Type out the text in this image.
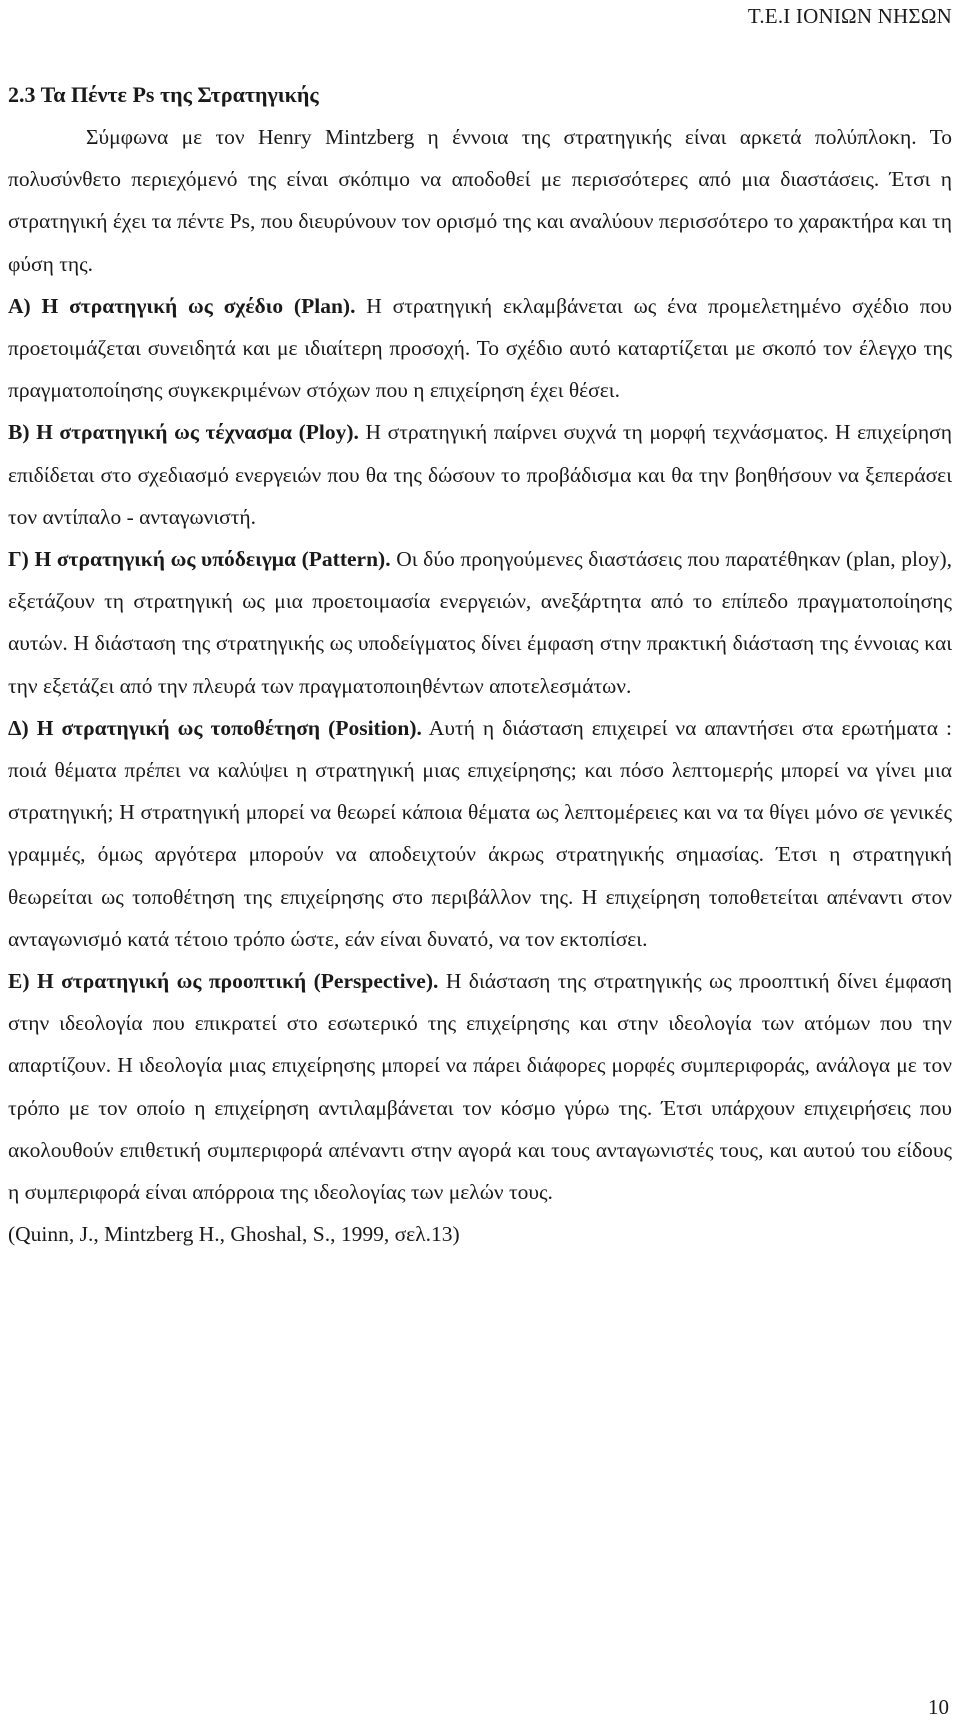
Τ.Ε.Ι ΙΟΝΙΩΝ ΝΗΣΩΝ
2.3 Τα Πέντε Ps της Στρατηγικής

Σύμφωνα με τον Henry Mintzberg η έννοια της στρατηγικής είναι αρκετά πολύπλοκη. Το πολυσύνθετο περιεχόμενό της είναι σκόπιμο να αποδοθεί με περισσότερες από μια διαστάσεις. Έτσι η στρατηγική έχει τα πέντε Ps, που διευρύνουν τον ορισμό της και αναλύουν περισσότερο το χαρακτήρα και τη φύση της.

Α) Η στρατηγική ως σχέδιο (Plan). Η στρατηγική εκλαμβάνεται ως ένα προμελετημένο σχέδιο που προετοιμάζεται συνειδητά και με ιδιαίτερη προσοχή. Το σχέδιο αυτό καταρτίζεται με σκοπό τον έλεγχο της πραγματοποίησης συγκεκριμένων στόχων που η επιχείρηση έχει θέσει.

Β) Η στρατηγική ως τέχνασμα (Ploy). Η στρατηγική παίρνει συχνά τη μορφή τεχνάσματος. Η επιχείρηση επιδίδεται στο σχεδιασμό ενεργειών που θα της δώσουν το προβάδισμα και θα την βοηθήσουν να ξεπεράσει τον αντίπαλο - ανταγωνιστή.

Γ) Η στρατηγική ως υπόδειγμα (Pattern). Οι δύο προηγούμενες διαστάσεις που παρατέθηκαν (plan, ploy), εξετάζουν τη στρατηγική ως μια προετοιμασία ενεργειών, ανεξάρτητα από το επίπεδο πραγματοποίησης αυτών. Η διάσταση της στρατηγικής ως υποδείγματος δίνει έμφαση στην πρακτική διάσταση της έννοιας και την εξετάζει από την πλευρά των πραγματοποιηθέντων αποτελεσμάτων.

Δ) Η στρατηγική ως τοποθέτηση (Position). Αυτή η διάσταση επιχειρεί να απαντήσει στα ερωτήματα : ποιά θέματα πρέπει να καλύψει η στρατηγική μιας επιχείρησης; και πόσο λεπτομερής μπορεί να γίνει μια στρατηγική; Η στρατηγική μπορεί να θεωρεί κάποια θέματα ως λεπτομέρειες και να τα θίγει μόνο σε γενικές γραμμές, όμως αργότερα μπορούν να αποδειχτούν άκρως στρατηγικής σημασίας. Έτσι η στρατηγική θεωρείται ως τοποθέτηση της επιχείρησης στο περιβάλλον της. Η επιχείρηση τοποθετείται απέναντι στον ανταγωνισμό κατά τέτοιο τρόπο ώστε, εάν είναι δυνατό, να τον εκτοπίσει.

Ε) Η στρατηγική ως προοπτική (Perspective). Η διάσταση της στρατηγικής ως προοπτική δίνει έμφαση στην ιδεολογία που επικρατεί στο εσωτερικό της επιχείρησης και στην ιδεολογία των ατόμων που την απαρτίζουν. Η ιδεολογία μιας επιχείρησης μπορεί να πάρει διάφορες μορφές συμπεριφοράς, ανάλογα με τον τρόπο με τον οποίο η επιχείρηση αντιλαμβάνεται τον κόσμο γύρω της. Έτσι υπάρχουν επιχειρήσεις που ακολουθούν επιθετική συμπεριφορά απέναντι στην αγορά και τους ανταγωνιστές τους, και αυτού του είδους η συμπεριφορά είναι απόρροια της ιδεολογίας των μελών τους.

(Quinn, J., Mintzberg H., Ghoshal, S., 1999, σελ.13)

10
